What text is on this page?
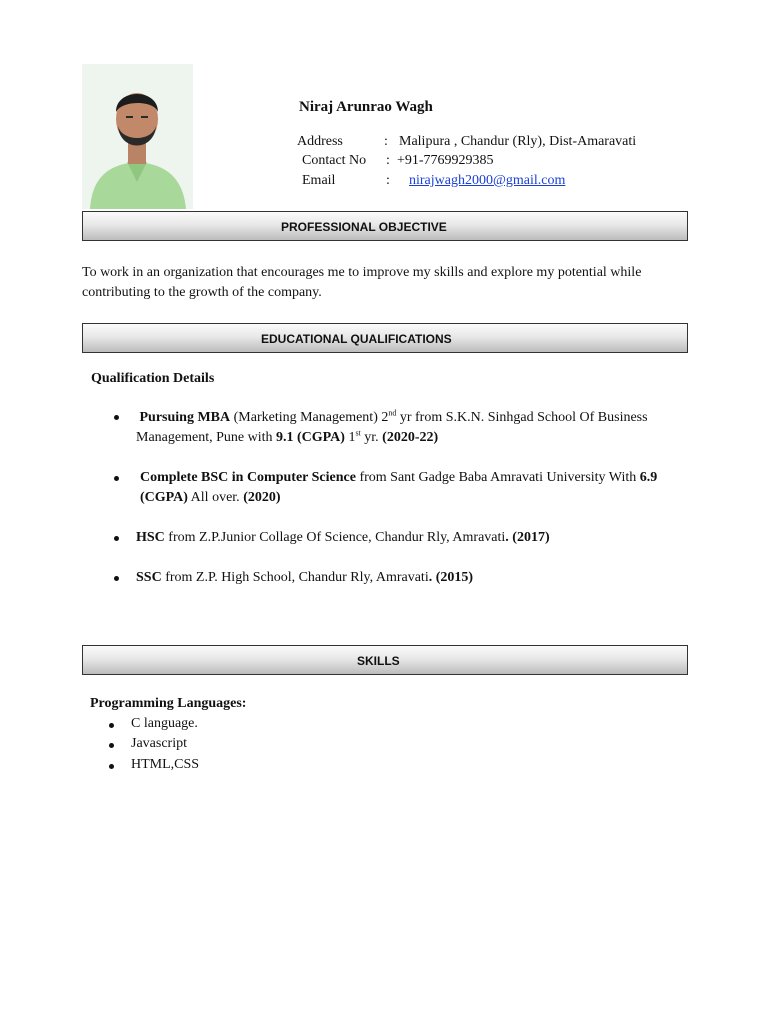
Niraj Arunrao Wagh
Address	: Malipura , Chandur (Rly), Dist-Amaravati
Contact No : +91-7769929385
Email	: nirajwagh2000@gmail.com
PROFESSIONAL OBJECTIVE
To work in an organization that encourages me to improve my skills and explore my potential while contributing to the growth of the company.
EDUCATIONAL QUALIFICATIONS
Qualification Details
Pursuing MBA (Marketing Management) 2nd yr from S.K.N. Sinhgad School Of Business Management, Pune with 9.1 (CGPA) 1st yr. (2020-22)
Complete BSC in Computer Science from Sant Gadge Baba Amravati University With 6.9 (CGPA) All over. (2020)
HSC from Z.P.Junior Collage Of Science, Chandur Rly, Amravati. (2017)
SSC from Z.P. High School, Chandur Rly, Amravati. (2015)
SKILLS
Programming Languages:
C language.
Javascript
HTML,CSS
